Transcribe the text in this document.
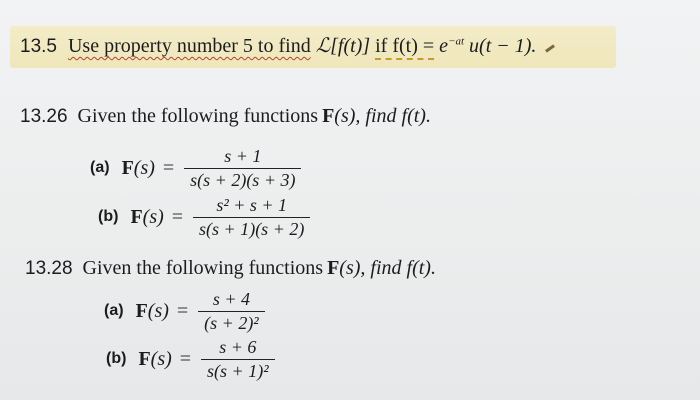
13.5 Use property number 5 to find ℒ[f(t)] if $f(t) = e^{-at}$ u(t − 1).
13.26 Given the following functions F(s), find f(t).
(a) $F(s) = \frac{s + 1}{s(s + 2)(s + 3)}$
(b) $F(s) = \frac{\text{s² + s + 1}}{s(s + 1)(s + 2)}$
13.28 Given the following functions F(s), find f(t).
(a) $F(s) = \frac{s + 4}{\text{(s + 2)²}}$
(b) $F(s) = \frac{s + 6}{\text{s(s + 1)²}}$
